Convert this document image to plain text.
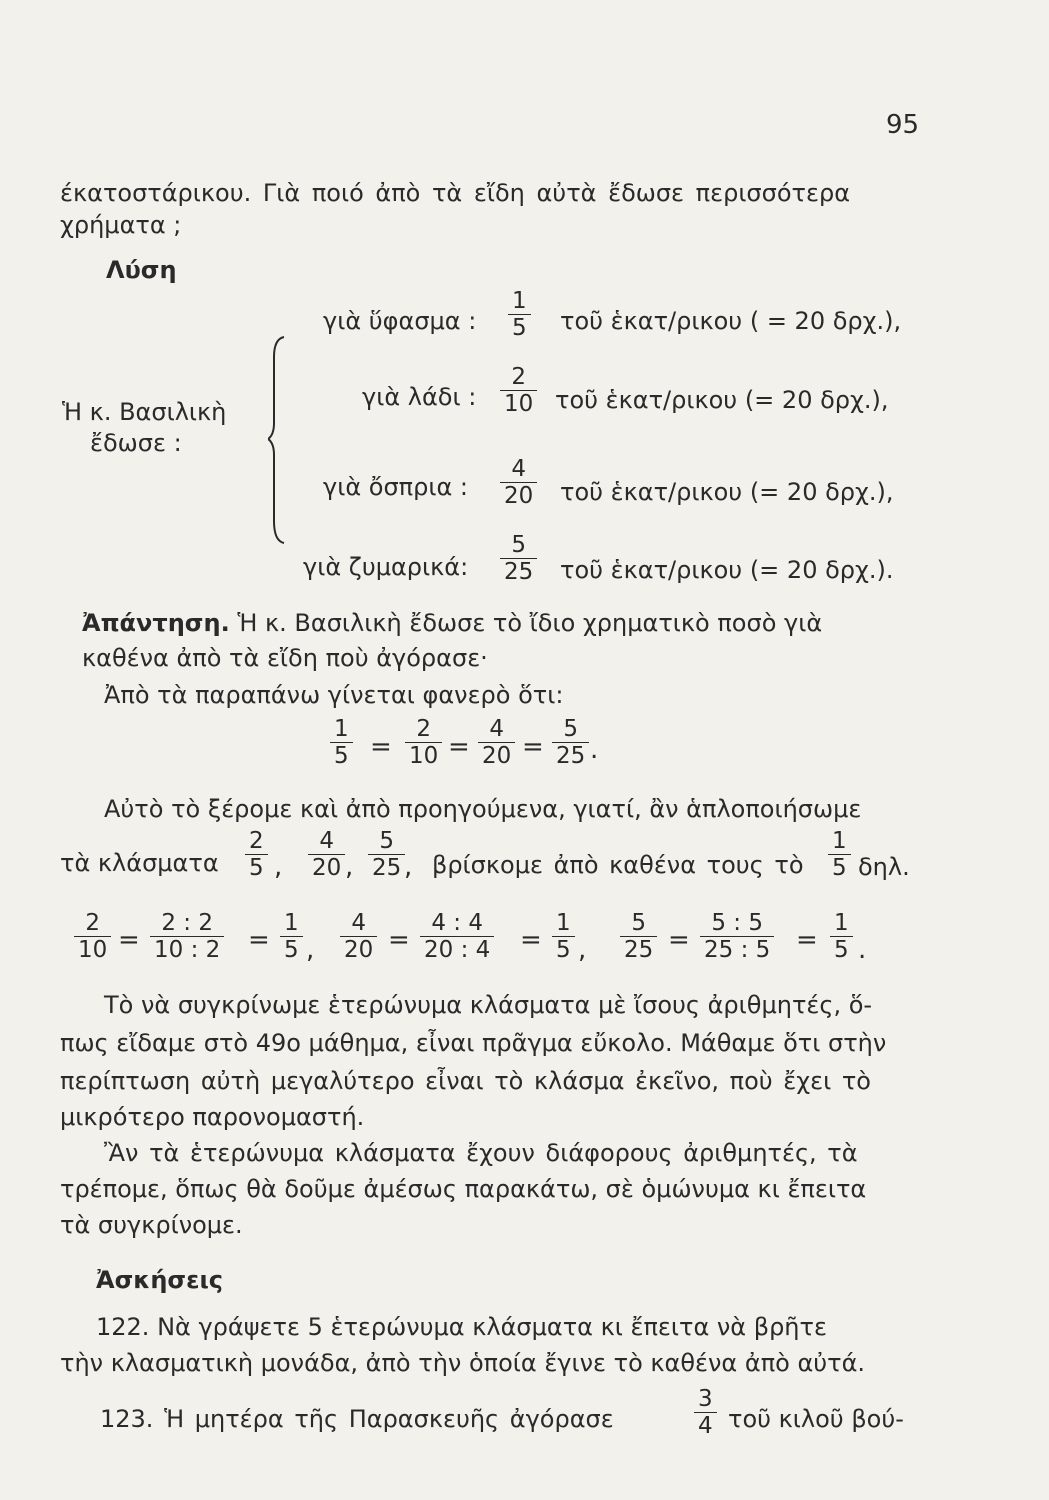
95
έκατοστάρικου. Γιὰ ποιό ἀπὸ τὰ εἴδη αὐτὰ ἔδωσε περισσότερα
χρήματα ;
Λύση
Ἡ κ. Βασιλικὴ
ἔδωσε :
γιὰ ὕφασμα : $\frac{1}{5}$ τοῦ ἑκατ/ρικου ( = 20 δρχ.),
γιὰ λάδι : $\frac{2}{10}$ τοῦ ἑκατ/ρικου (= 20 δρχ.),
γιὰ ὄσπρια : $\frac{4}{20}$ τοῦ ἑκατ/ρικου (= 20 δρχ.),
γιὰ ζυμαρικά: $\frac{5}{25}$ τοῦ ἑκατ/ρικου (= 20 δρχ.).
Ἀπάντηση. Ἡ κ. Βασιλικὴ ἔδωσε τὸ ἴδιο χρηματικὸ ποσὸ γιὰ
καθένα ἀπὸ τὰ εἴδη ποὺ ἀγόρασε·
Ἀπὸ τὰ παραπάνω γίνεται φανερὸ ὅτι:
$\frac{1}{5} = \frac{2}{10} = \frac{4}{20} = \frac{5}{25}$ .
Αὐτὸ τὸ ξέρομε καὶ ἀπὸ προηγούμενα, γιατί, ἂν ἁπλοποιήσωμε
τὰ κλάσματα $\frac{2}{5}$ , $\frac{4}{20}$ , $\frac{5}{25}$
, βρίσκομε ἀπὸ καθένα τους τὸ $\frac{1}{5} \delta\eta\lambda$.
$\frac{2}{10} = \frac{2 : 2}{10 : 2} = \frac{1}{5}$ , $\frac{4}{20} = \frac{4 : 4}{20 : 4} = \frac{1}{5}$ , $\frac{5}{25} = \frac{5 : 5}{25 : 5} = \frac{1}{5}$ .
Τὸ νὰ συγκρίνωμε ἑτερώνυμα κλάσματα μὲ ἴσους ἀριθμητές, ὅ-
πως εἴδαμε στὸ 49ο μάθημα, εἶναι πρᾶγμα εὔκολο. Μάθαμε ὅτι στὴν
περίπτωση αὐτὴ μεγαλύτερο εἶναι τὸ κλάσμα ἐκεῖνο, ποὺ ἔχει τὸ
μικρότερο παρονομαστή.
Ἂν τὰ ἑτερώνυμα κλάσματα ἔχουν διάφορους ἀριθμητές, τὰ
τρέπομε, ὅπως θὰ δοῦμε ἀμέσως παρακάτω, σὲ ὁμώνυμα κι ἔπειτα
τὰ συγκρίνομε.
Ἀσκήσεις
122. Νὰ γράψετε 5 ἑτερώνυμα κλάσματα κι ἔπειτα νὰ βρῆτε
τὴν κλασματικὴ μονάδα, ἀπὸ τὴν ὁποία ἔγινε τὸ καθένα ἀπὸ αὐτά.
123. Ἡ μητέρα τῆς Παρασκευῆς ἀγόρασε	$\frac{3}{4}$ τοῦ κιλοῦ βού-
